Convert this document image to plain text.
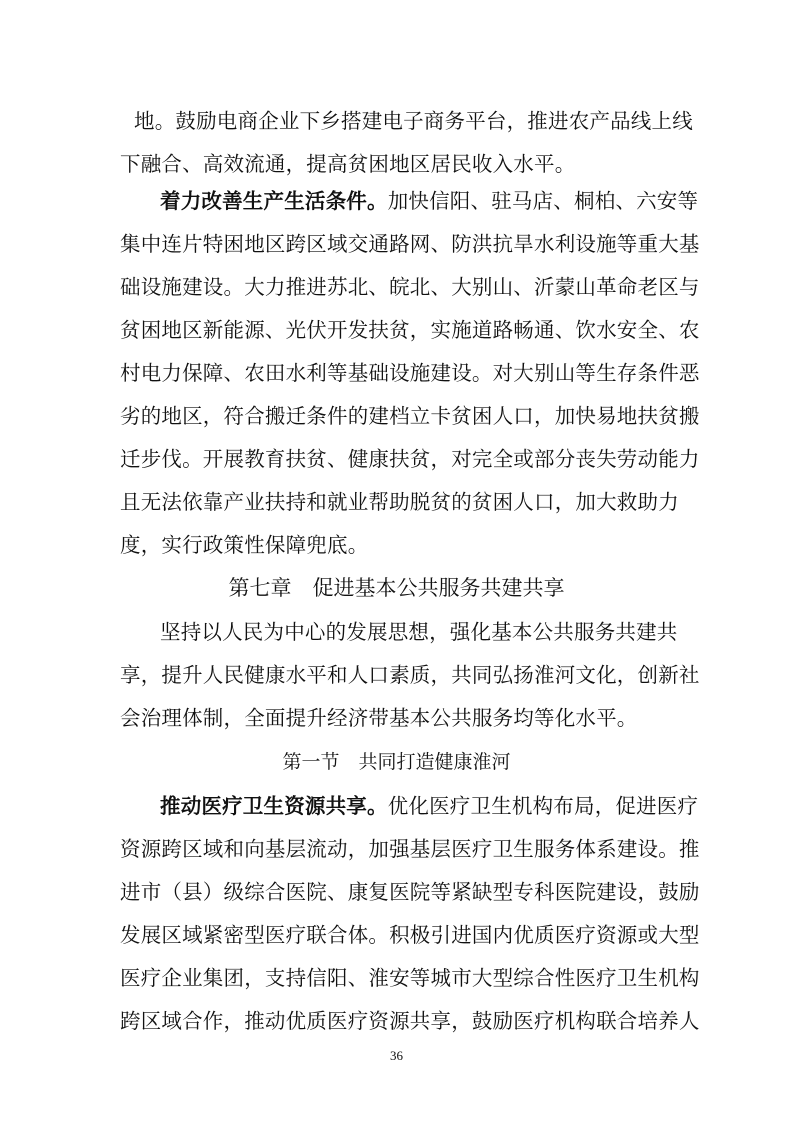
地。鼓励电商企业下乡搭建电子商务平台，推进农产品线上线
下融合、高效流通，提高贫困地区居民收入水平。
着力改善生产生活条件。加快信阳、驻马店、桐柏、六安等
集中连片特困地区跨区域交通路网、防洪抗旱水利设施等重大基
础设施建设。大力推进苏北、皖北、大别山、沂蒙山革命老区与
贫困地区新能源、光伏开发扶贫，实施道路畅通、饮水安全、农
村电力保障、农田水利等基础设施建设。对大别山等生存条件恶
劣的地区，符合搬迁条件的建档立卡贫困人口，加快易地扶贫搬
迁步伐。开展教育扶贫、健康扶贫，对完全或部分丧失劳动能力
且无法依靠产业扶持和就业帮助脱贫的贫困人口，加大救助力
度，实行政策性保障兜底。
第七章　促进基本公共服务共建共享
坚持以人民为中心的发展思想，强化基本公共服务共建共
享，提升人民健康水平和人口素质，共同弘扬淮河文化，创新社
会治理体制，全面提升经济带基本公共服务均等化水平。
第一节　共同打造健康淮河
推动医疗卫生资源共享。优化医疗卫生机构布局，促进医疗
资源跨区域和向基层流动，加强基层医疗卫生服务体系建设。推
进市（县）级综合医院、康复医院等紧缺型专科医院建设，鼓励
发展区域紧密型医疗联合体。积极引进国内优质医疗资源或大型
医疗企业集团，支持信阳、淮安等城市大型综合性医疗卫生机构
跨区域合作，推动优质医疗资源共享，鼓励医疗机构联合培养人
36
